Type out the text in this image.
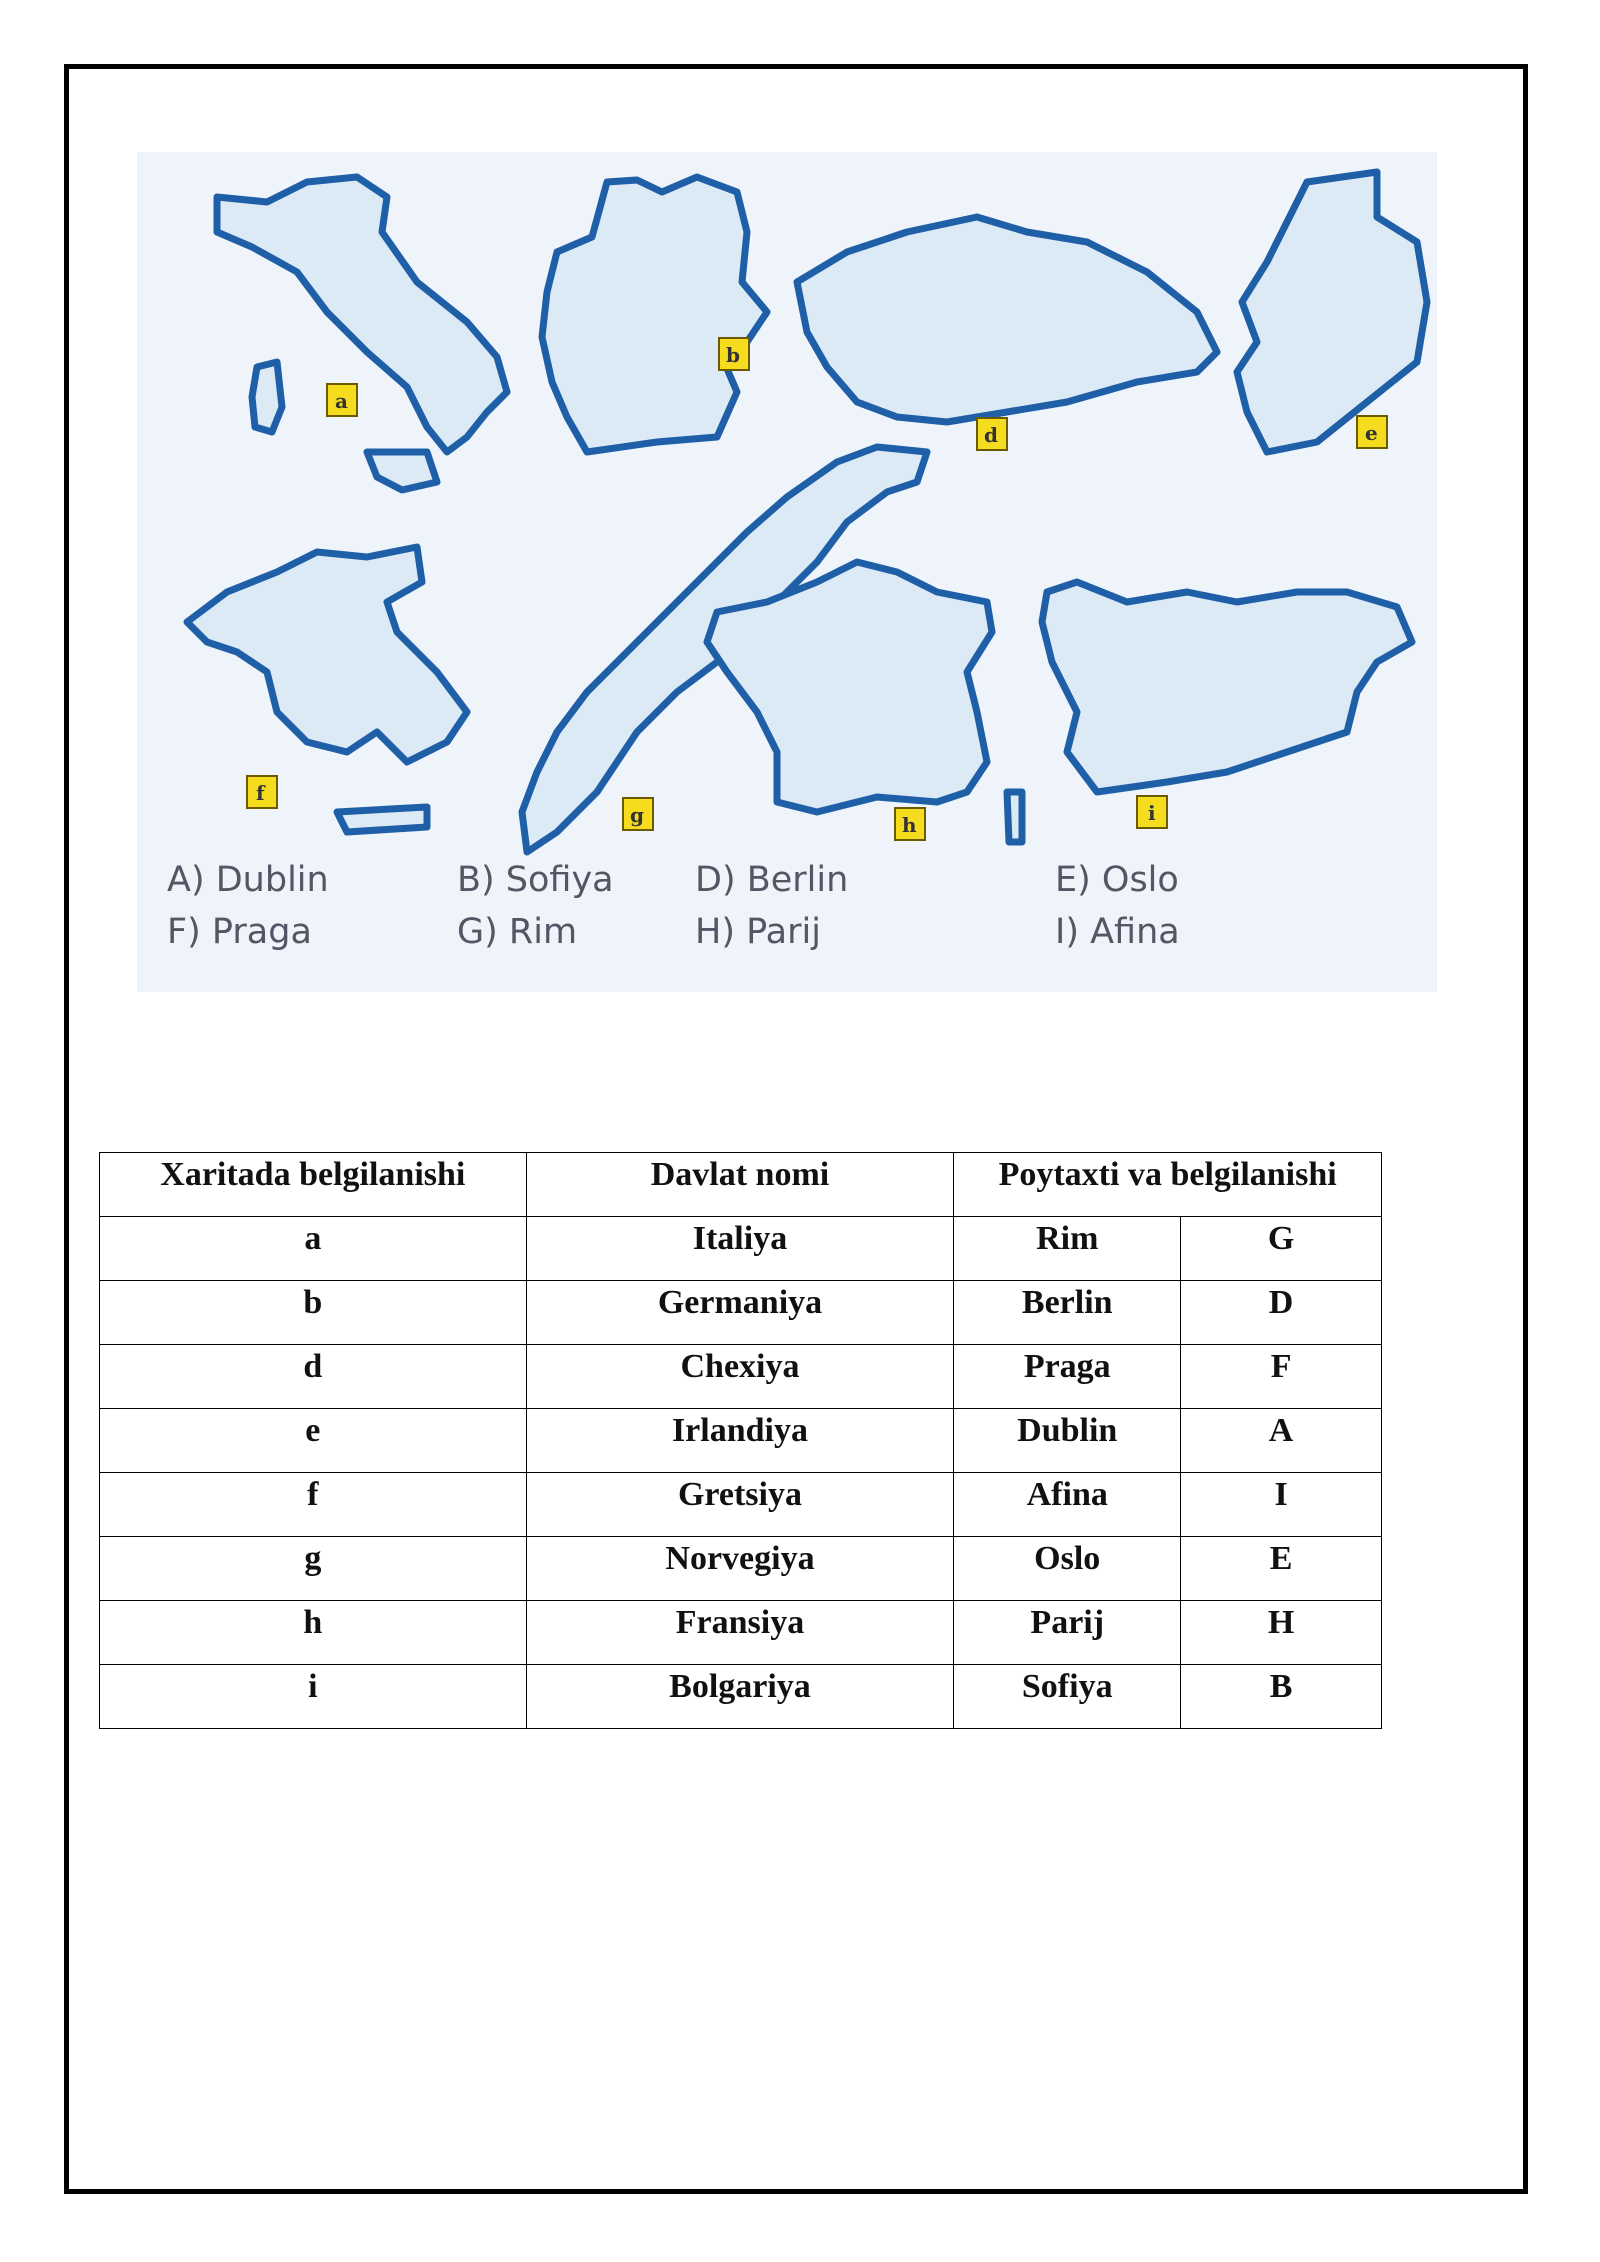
a
b
d	e
f
g	h	i
A) Dublin
F) Praga
B) Sofiya
G) Rim
D) Berlin
H) Parij
E) Oslo
I) Afina
Xaritada belgilanishi	Davlat nomi	Poytaxti va belgilanishi	
a	Italiya	Rim	G
b	Germaniya	Berlin	D
d	Chexiya	Praga	F
e	Irlandiya	Dublin	A
f	Gretsiya	Afina	I
g	Norvegiya	Oslo	E
h	Fransiya	Parij	H
i	Bolgariya	Sofiya	B
